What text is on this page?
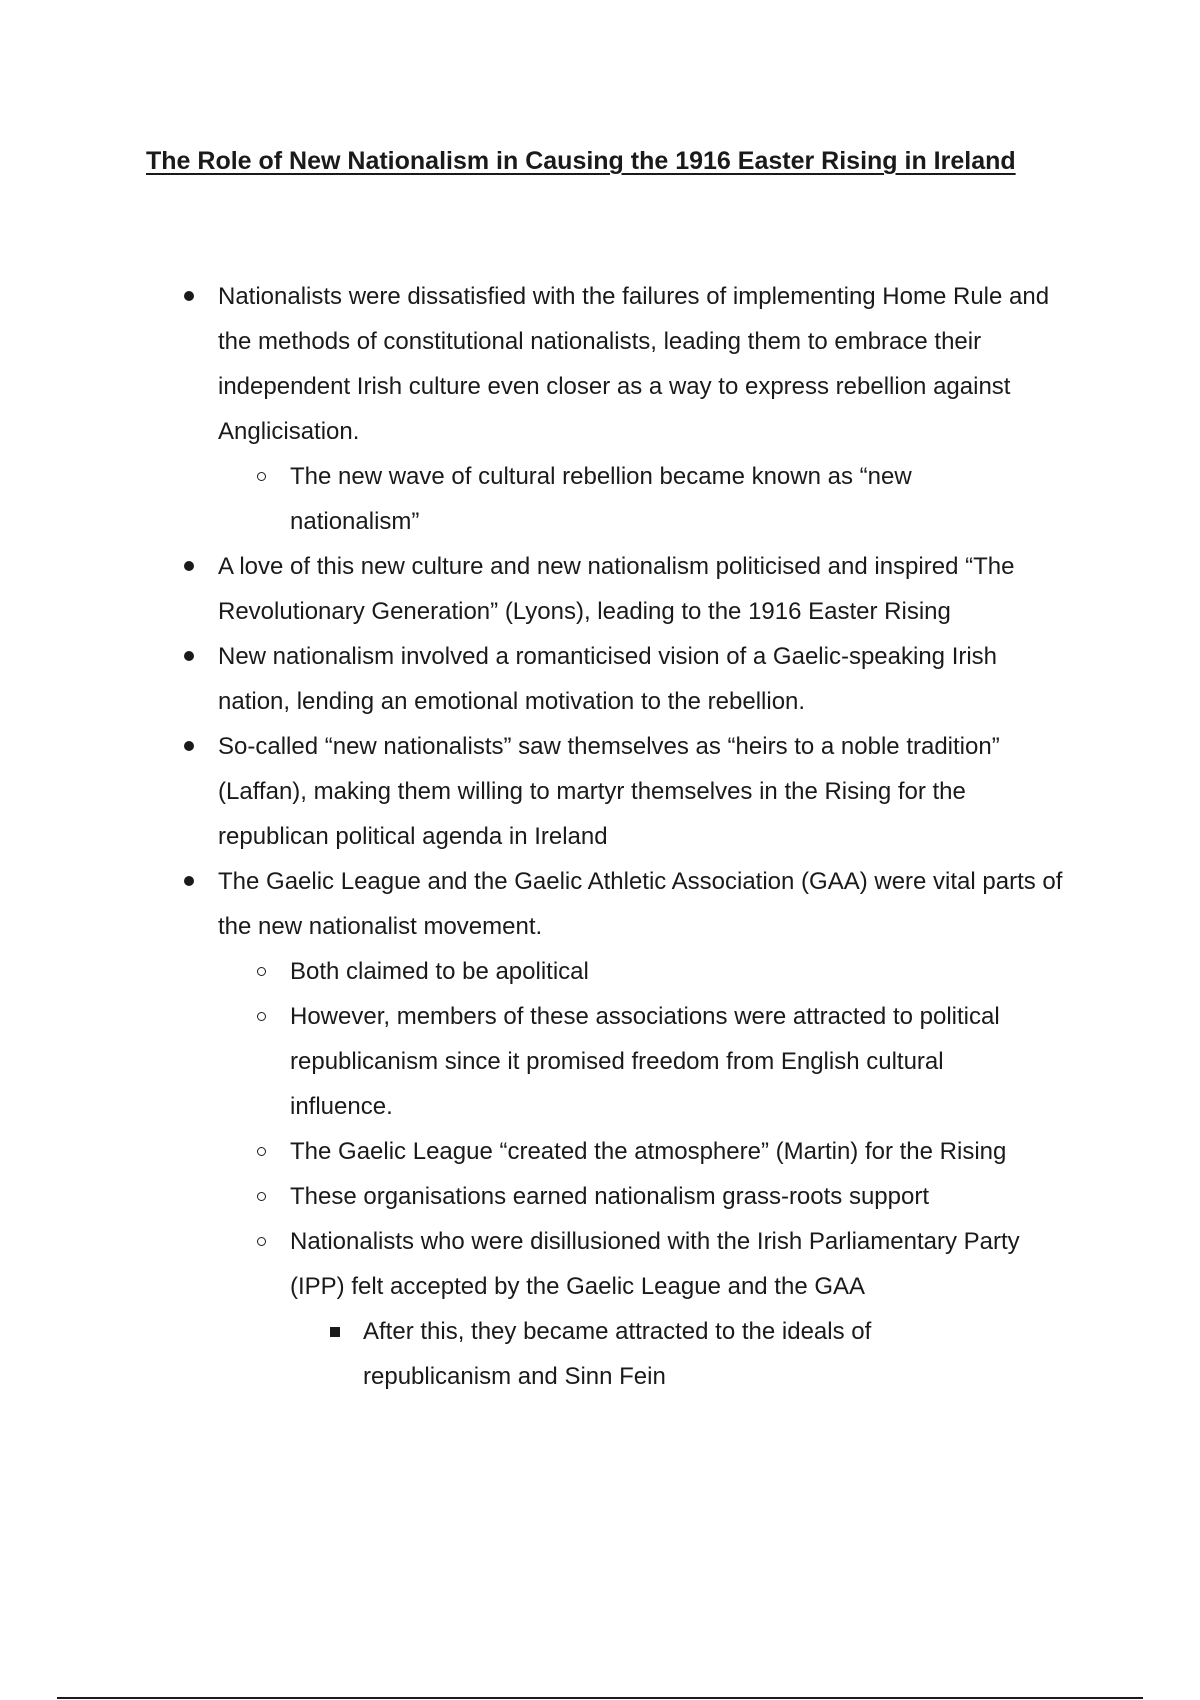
The Role of New Nationalism in Causing the 1916 Easter Rising in Ireland
Nationalists were dissatisfied with the failures of implementing Home Rule and the methods of constitutional nationalists, leading them to embrace their independent Irish culture even closer as a way to express rebellion against Anglicisation.
The new wave of cultural rebellion became known as “new nationalism”
A love of this new culture and new nationalism politicised and inspired “The Revolutionary Generation” (Lyons), leading to the 1916 Easter Rising
New nationalism involved a romanticised vision of a Gaelic-speaking Irish nation, lending an emotional motivation to the rebellion.
So-called “new nationalists” saw themselves as “heirs to a noble tradition” (Laffan), making them willing to martyr themselves in the Rising for the republican political agenda in Ireland
The Gaelic League and the Gaelic Athletic Association (GAA) were vital parts of the new nationalist movement.
Both claimed to be apolitical
However, members of these associations were attracted to political republicanism since it promised freedom from English cultural influence.
The Gaelic League “created the atmosphere” (Martin) for the Rising
These organisations earned nationalism grass-roots support
Nationalists who were disillusioned with the Irish Parliamentary Party (IPP) felt accepted by the Gaelic League and the GAA
After this, they became attracted to the ideals of republicanism and Sinn Fein
